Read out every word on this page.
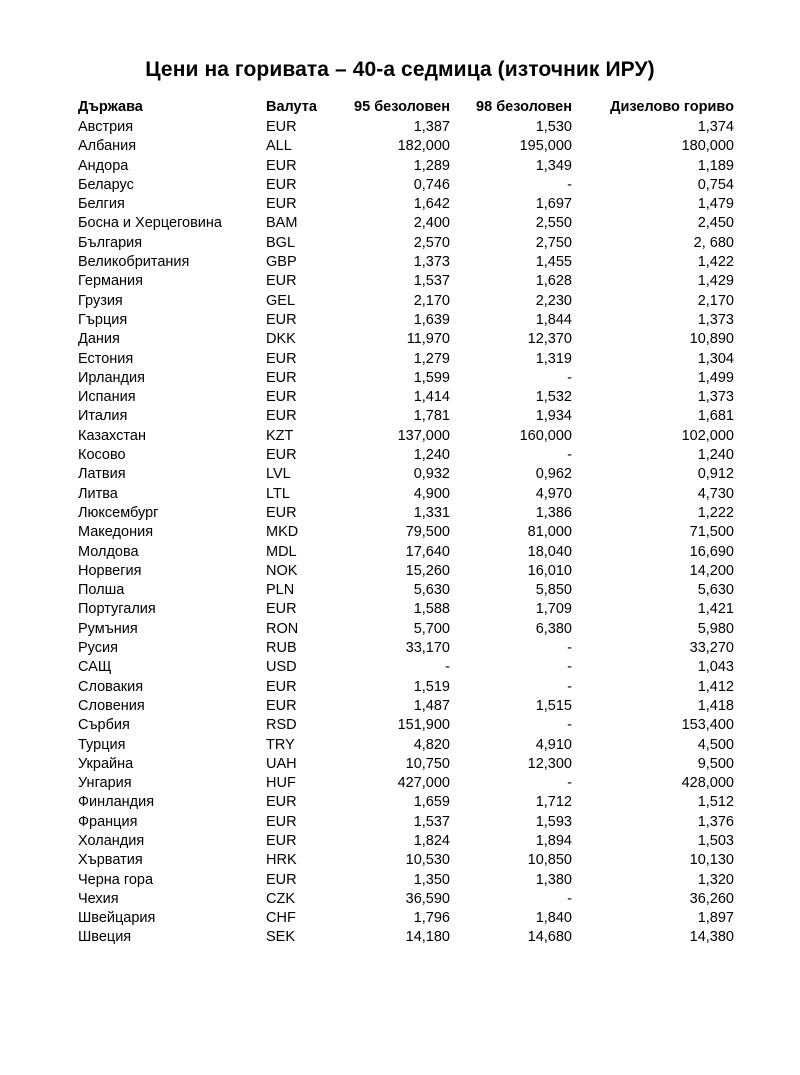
Цени на горивата – 40-а седмица (източник ИРУ)
Държава	Валута	95 безоловен	98 безоловен	Дизелово гориво
Австрия	EUR	1,387	1,530	1,374
Албания	ALL	182,000	195,000	180,000
Андора	EUR	1,289	1,349	1,189
Беларус	EUR	0,746	-	0,754
Белгия	EUR	1,642	1,697	1,479
Босна и Херцеговина	BAM	2,400	2,550	2,450
България	BGL	2,570	2,750	2, 680
Великобритания	GBP	1,373	1,455	1,422
Германия	EUR	1,537	1,628	1,429
Грузия	GEL	2,170	2,230	2,170
Гърция	EUR	1,639	1,844	1,373
Дания	DKK	11,970	12,370	10,890
Естония	EUR	1,279	1,319	1,304
Ирландия	EUR	1,599	-	1,499
Испания	EUR	1,414	1,532	1,373
Италия	EUR	1,781	1,934	1,681
Казахстан	KZT	137,000	160,000	102,000
Косово	EUR	1,240	-	1,240
Латвия	LVL	0,932	0,962	0,912
Литва	LTL	4,900	4,970	4,730
Люксембург	EUR	1,331	1,386	1,222
Македония	MKD	79,500	81,000	71,500
Молдова	MDL	17,640	18,040	16,690
Норвегия	NOK	15,260	16,010	14,200
Полша	PLN	5,630	5,850	5,630
Португалия	EUR	1,588	1,709	1,421
Румъния	RON	5,700	6,380	5,980
Русия	RUB	33,170	-	33,270
САЩ	USD	-	-	1,043
Словакия	EUR	1,519	-	1,412
Словения	EUR	1,487	1,515	1,418
Сърбия	RSD	151,900	-	153,400
Турция	TRY	4,820	4,910	4,500
Украйна	UAH	10,750	12,300	9,500
Унгария	HUF	427,000	-	428,000
Финландия	EUR	1,659	1,712	1,512
Франция	EUR	1,537	1,593	1,376
Холандия	EUR	1,824	1,894	1,503
Хърватия	HRK	10,530	10,850	10,130
Черна гора	EUR	1,350	1,380	1,320
Чехия	CZK	36,590	-	36,260
Швейцария	CHF	1,796	1,840	1,897
Швеция	SEK	14,180	14,680	14,380
